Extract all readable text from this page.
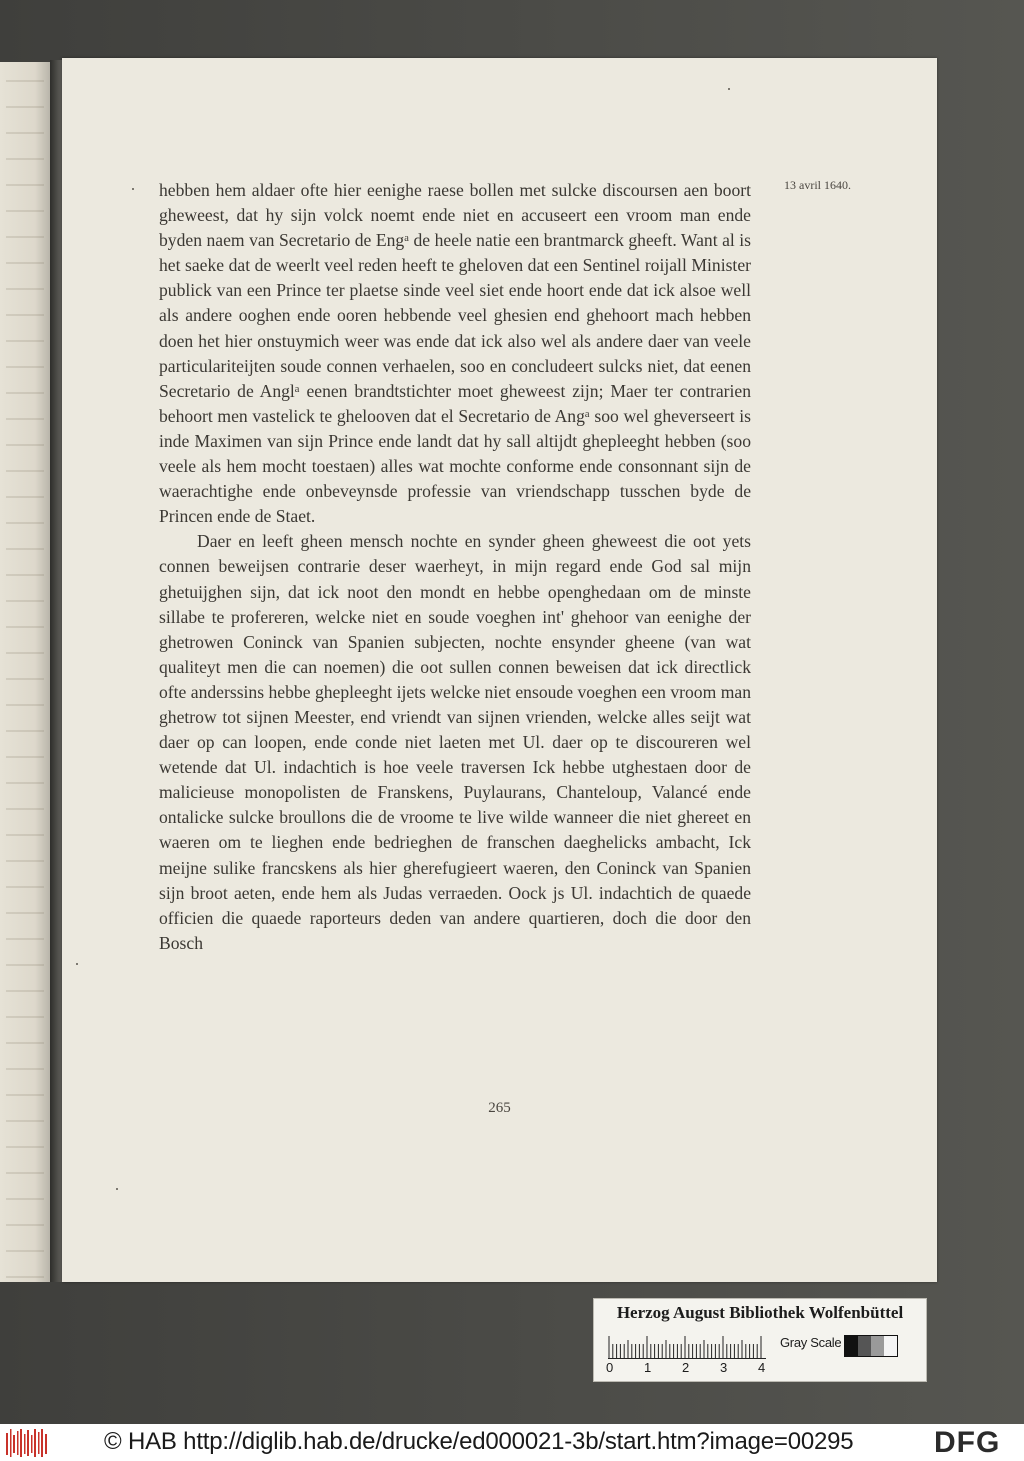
hebben hem aldaer ofte hier eenighe raese bollen met sulcke discoursen aen boort gheweest, dat hy sijn volck noemt ende niet en accuseert een vroom man ende byden naem van Secretario de Engᵃ de heele natie een brantmarck gheeft. Want al is het saeke dat de weerlt veel reden heeft te gheloven dat een Sentinel roijall Minister publick van een Prince ter plaetse sinde veel siet ende hoort ende dat ick alsoe well als andere ooghen ende ooren hebbende veel ghesien end ghehoort mach hebben doen het hier onstuymich weer was ende dat ick also wel als andere daer van veele particulariteijten soude connen verhaelen, soo en concludeert sulcks niet, dat eenen Secretario de Anglᵃ eenen brandtstichter moet gheweest zijn; Maer ter contrarien behoort men vastelick te ghelooven dat el Secretario de Angᵃ soo wel gheverseert is inde Maximen van sijn Prince ende landt dat hy sall altijdt ghepleeght hebben (soo veele als hem mocht toestaen) alles wat mochte conforme ende consonnant sijn de waerachtighe ende onbeveynsde professie van vriendschapp tusschen byde de Princen ende de Staet.

Daer en leeft gheen mensch nochte en synder gheen gheweest die oot yets connen beweijsen contrarie deser waerheyt, in mijn regard ende God sal mijn ghetuijghen sijn, dat ick noot den mondt en hebbe openghedaan om de minste sillabe te profereren, welcke niet en soude voeghen int' ghehoor van eenighe der ghetrowen Coninck van Spanien subjecten, nochte ensynder gheene (van wat qualiteyt men die can noemen) die oot sullen connen beweisen dat ick directlick ofte anderssins hebbe ghepleeght ijets welcke niet ensoude voeghen een vroom man ghetrow tot sijnen Meester, end vriendt van sijnen vrienden, welcke alles seijt wat daer op can loopen, ende conde niet laeten met Ul. daer op te discoureren wel wetende dat Ul. indachtich is hoe veele traversen Ick hebbe utghestaen door de malicieuse monopolisten de Franskens, Puylaurans, Chanteloup, Valancé ende ontalicke sulcke broullons die de vroome te live wilde wanneer die niet ghereet en waeren om te lieghen ende bedrieghen de franschen daeghelicks ambacht, Ick meijne sulike francskens als hier gherefugieert waeren, den Coninck van Spanien sijn broot aeten, ende hem als Judas verraeden. Oock js Ul. indachtich de quaede officien die quaede raporteurs deden van andere quartieren, doch die door den Bosch

13 avril 1640.
265
Herzog August Bibliothek Wolfenbüttel
0 1 2 3 4
Gray Scale
© HAB http://diglib.hab.de/drucke/ed000021-3b/start.htm?image=00295	DFG
